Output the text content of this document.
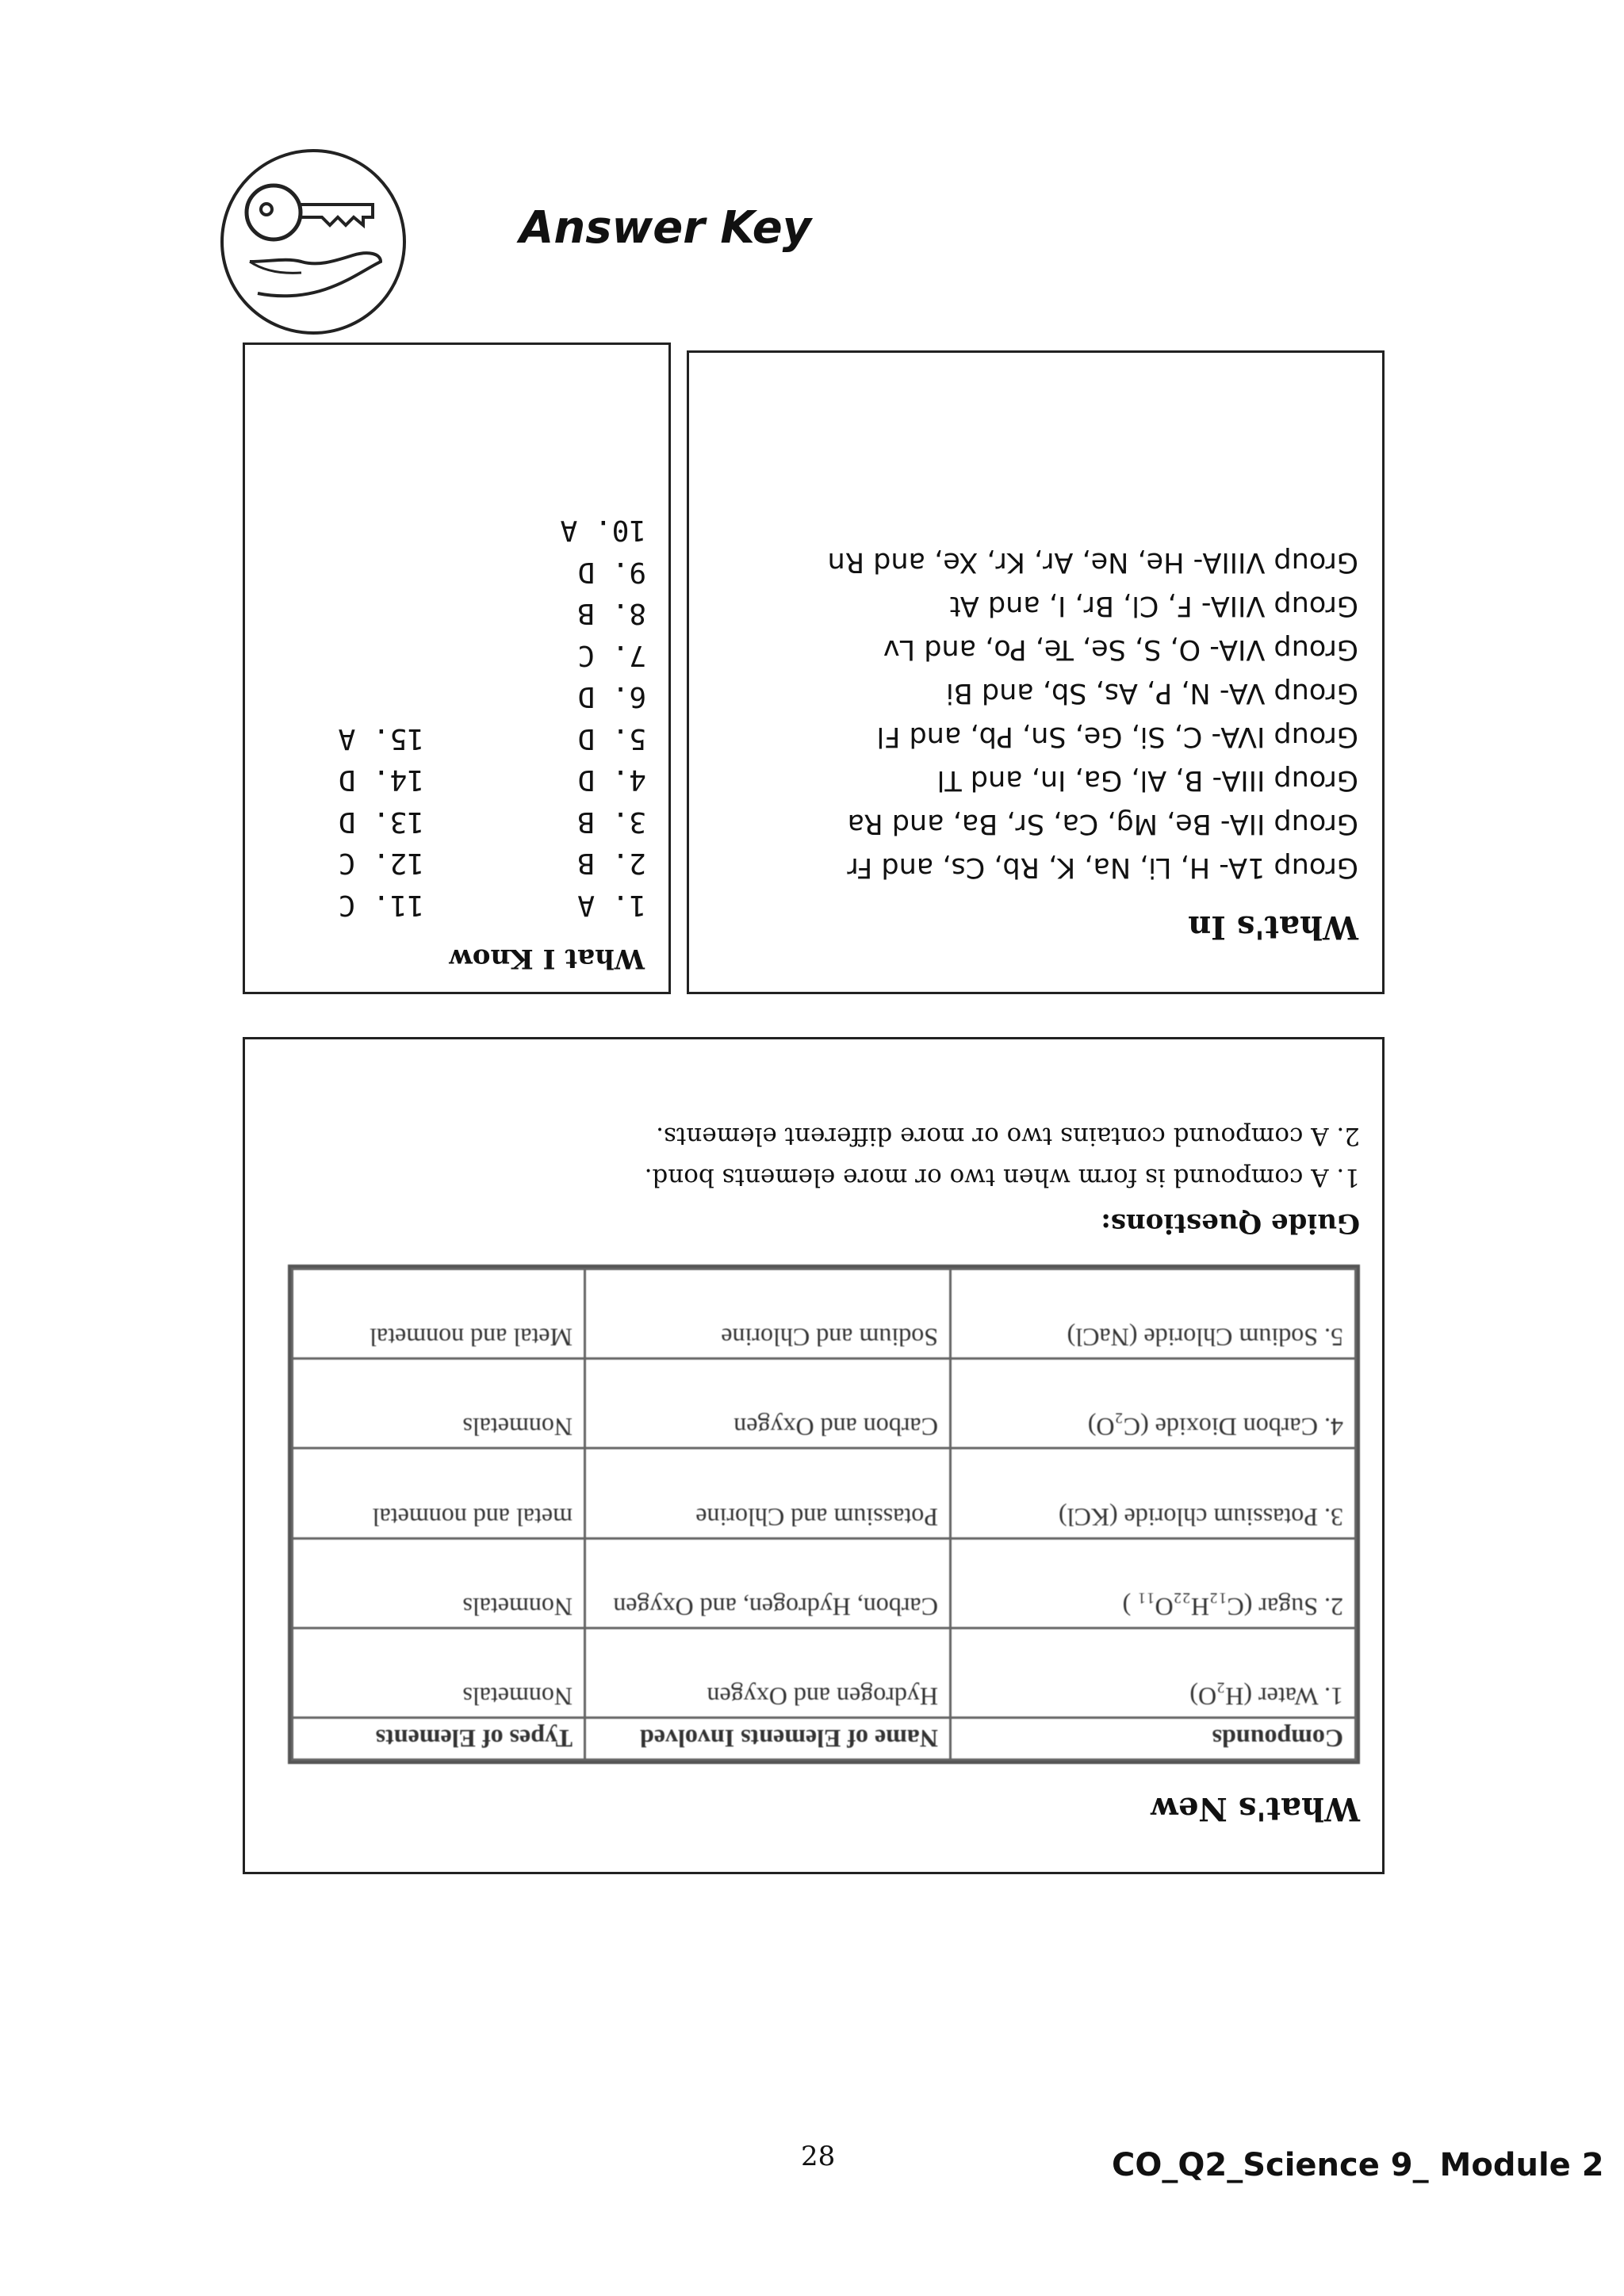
Answer Key
What I Know
1. A
2. B
3. B
4. D
5. D
6. D
7. C
8. B
9. D
10. A
11. C
12. C
13. D
14. D
15. A
What's In
Group 1A- H, Li, Na, K, Rb, Cs, and Fr
Group IIA- Be, Mg, Ca, Sr, Ba, and Ra
Group IIIA- B, Al, Ga, In, and Tl
Group IVA- C, Si, Ge, Sn, Pb, and Fl
Group VA- N, P, As, Sb, and Bi
Group VIA- O, S, Se, Te, Po, and Lv
Group VIIA- F, Cl, Br, I, and At
Group VIIIA- He, Ne, Ar, Kr, Xe, and Rn
What's New
Compounds	Name of Elements Involved	Types of Elements
1. Water (H₂O)	Hydrogen and Oxygen	Nonmetals
2. Sugar (C₁₂H₂₂O₁₁ )	Carbon, Hydrogen, and Oxygen	Nonmetals
3. Potassium chloride (KCl)	Potassium and Chlorine	metal and nonmetal
4. Carbon Dioxide (C₂O)	Carbon and Oxygen	Nonmetals
5. Sodium Chloride (NaCl)	Sodium and Chlorine	Metal and nonmetal
Guide Questions:
1. A compound is form when two or more elements bond.
2. A compound contains two or more different elements.
28	CO_Q2_Science 9_ Module 2
